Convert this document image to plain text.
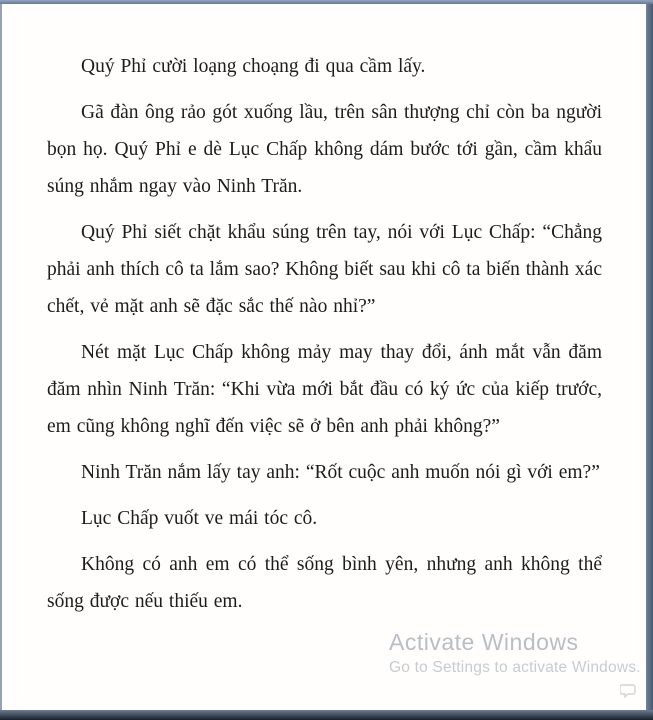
Quý Phỉ cười loạng choạng đi qua cầm lấy.

Gã đàn ông rảo gót xuống lầu, trên sân thượng chỉ còn ba người bọn họ. Quý Phỉ e dè Lục Chấp không dám bước tới gần, cầm khẩu súng nhắm ngay vào Ninh Trăn.

Quý Phỉ siết chặt khẩu súng trên tay, nói với Lục Chấp: “Chẳng phải anh thích cô ta lắm sao? Không biết sau khi cô ta biến thành xác chết, vẻ mặt anh sẽ đặc sắc thế nào nhỉ?”

Nét mặt Lục Chấp không mảy may thay đổi, ánh mắt vẫn đăm đăm nhìn Ninh Trăn: “Khi vừa mới bắt đầu có ký ức của kiếp trước, em cũng không nghĩ đến việc sẽ ở bên anh phải không?”

Ninh Trăn nắm lấy tay anh: “Rốt cuộc anh muốn nói gì với em?”

Lục Chấp vuốt ve mái tóc cô.

Không có anh em có thể sống bình yên, nhưng anh không thể sống được nếu thiếu em.

Activate Windows
Go to Settings to activate Windows.
